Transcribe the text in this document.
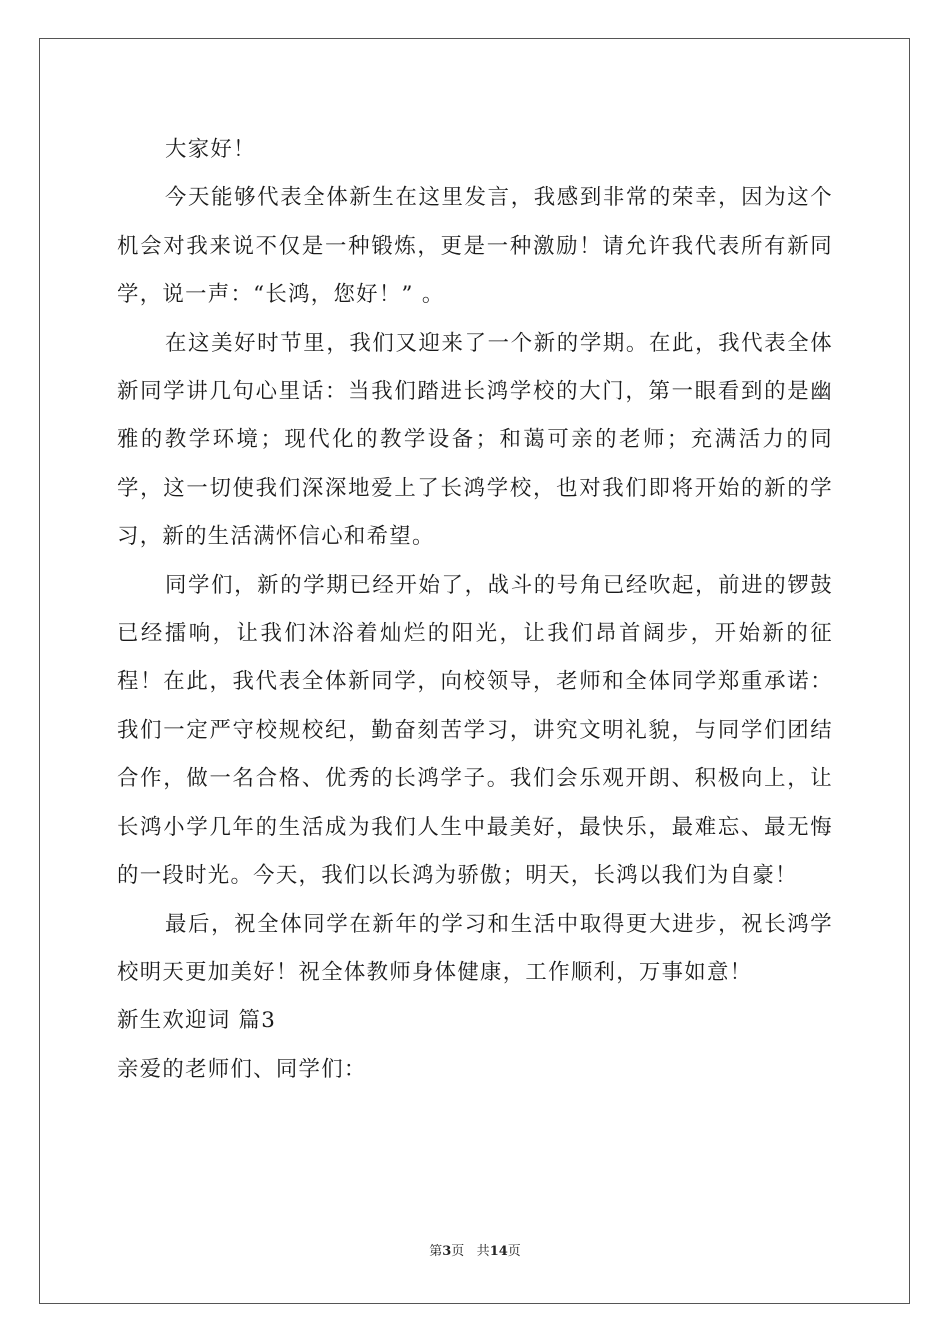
大家好！

今天能够代表全体新生在这里发言，我感到非常的荣幸，因为这个机会对我来说不仅是一种锻炼，更是一种激励！请允许我代表所有新同学，说一声：“长鸿，您好！” 。

在这美好时节里，我们又迎来了一个新的学期。在此，我代表全体新同学讲几句心里话：当我们踏进长鸿学校的大门，第一眼看到的是幽雅的教学环境；现代化的教学设备；和蔼可亲的老师；充满活力的同学，这一切使我们深深地爱上了长鸿学校，也对我们即将开始的新的学习，新的生活满怀信心和希望。

同学们，新的学期已经开始了，战斗的号角已经吹起，前进的锣鼓已经擂响，让我们沐浴着灿烂的阳光，让我们昂首阔步，开始新的征程！在此，我代表全体新同学，向校领导，老师和全体同学郑重承诺：我们一定严守校规校纪，勤奋刻苦学习，讲究文明礼貌，与同学们团结合作，做一名合格、优秀的长鸿学子。我们会乐观开朗、积极向上，让长鸿小学几年的生活成为我们人生中最美好，最快乐，最难忘、最无悔的一段时光。今天，我们以长鸿为骄傲；明天，长鸿以我们为自豪！

最后，祝全体同学在新年的学习和生活中取得更大进步，祝长鸿学校明天更加美好！祝全体教师身体健康，工作顺利，万事如意！

新生欢迎词 篇3

亲爱的老师们、同学们：

第3页 共14页
